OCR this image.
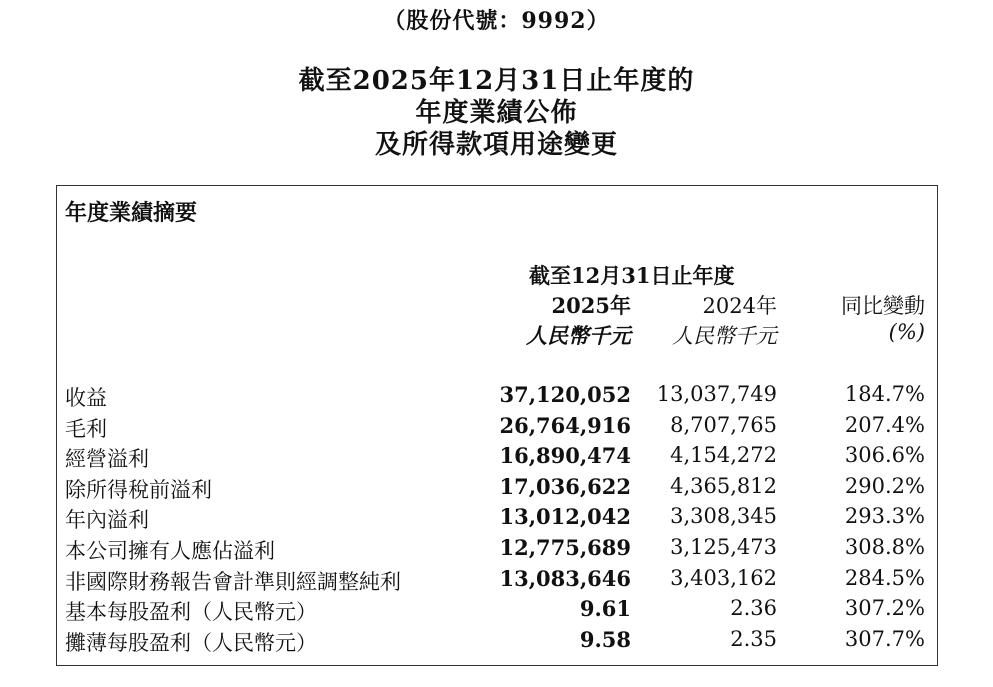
（股份代號：9992）
截至2025年12月31日止年度的
年度業績公佈
及所得款項用途變更
年度業績摘要
截至12月31日止年度
2025年	2024年	同比變動
人民幣千元 人民幣千元	(%)
收益	37,120,052 13,037,749	184.7%
毛利	26,764,916 8,707,765	207.4%
經營溢利	16,890,474 4,154,272	306.6%
除所得稅前溢利	17,036,622 4,365,812	290.2%
年內溢利	13,012,042 3,308,345	293.3%
本公司擁有人應佔溢利	12,775,689 3,125,473	308.8%
非國際財務報告會計準則經調整純利	13,083,646 3,403,162	284.5%
基本每股盈利（人民幣元）	9.61	2.36	307.2%
攤薄每股盈利（人民幣元）	9.58	2.35	307.7%
